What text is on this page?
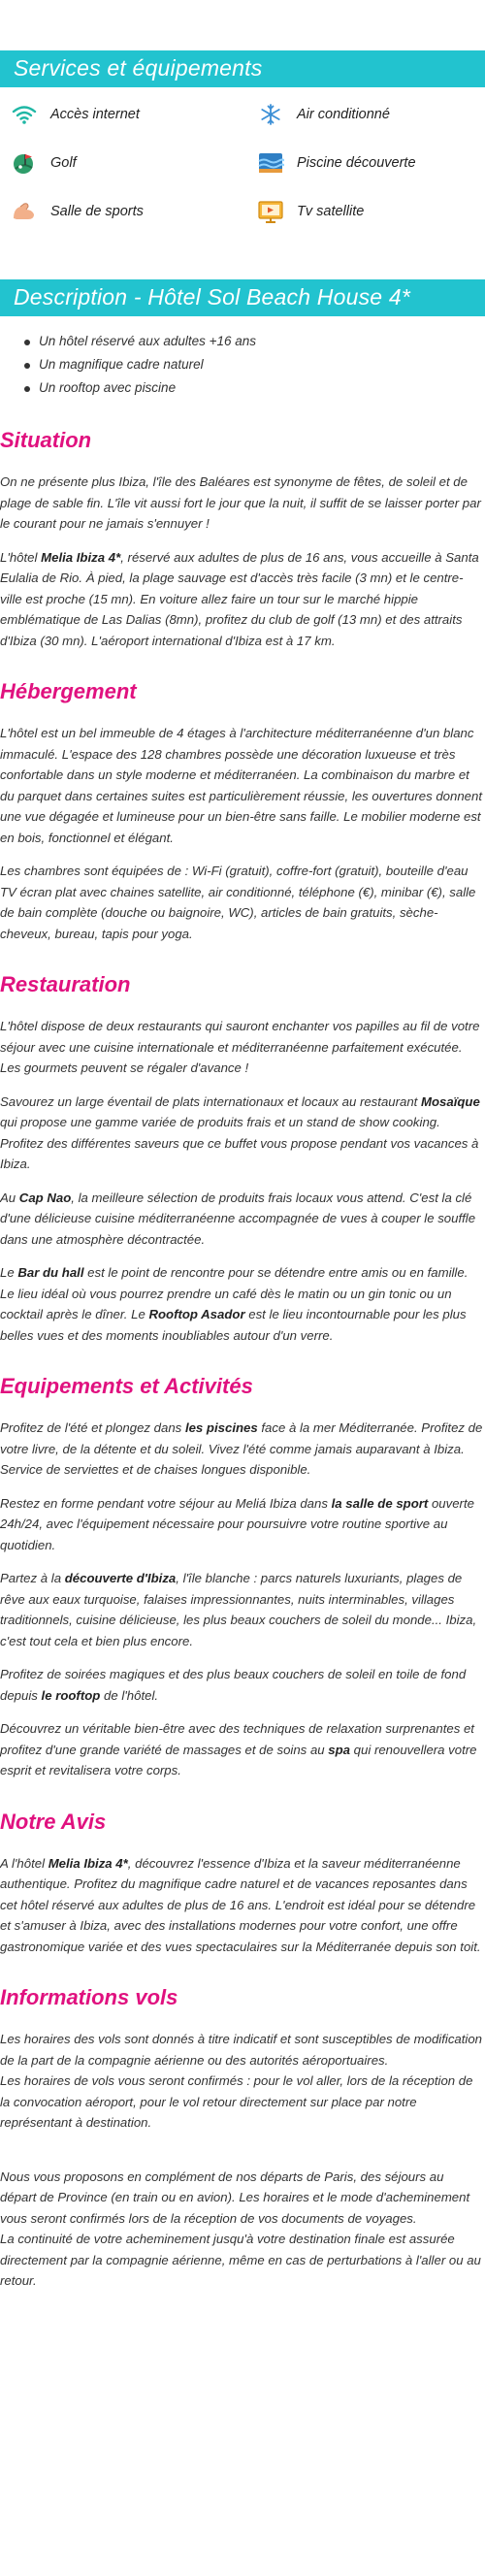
Services et équipements
Accès internet	Air conditionné
Golf	Piscine découverte
Salle de sports	Tv satellite
Description - Hôtel Sol Beach House 4*
Un hôtel réservé aux adultes +16 ans
Un magnifique cadre naturel
Un rooftop avec piscine
Situation

On ne présente plus Ibiza, l'île des Baléares est synonyme de fêtes, de soleil et de plage de sable fin. L'île vit aussi fort le jour que la nuit, il suffit de se laisser porter par le courant pour ne jamais s'ennuyer !

L'hôtel Melia Ibiza 4*, réservé aux adultes de plus de 16 ans, vous accueille à Santa Eulalia de Rio. À pied, la plage sauvage est d'accès très facile (3 mn) et le centre-ville est proche (15 mn). En voiture allez faire un tour sur le marché hippie emblématique de Las Dalias (8mn), profitez du club de golf (13 mn) et des attraits d'Ibiza (30 mn). L'aéroport international d'Ibiza est à 17 km.

Hébergement

L'hôtel est un bel immeuble de 4 étages à l'architecture méditerranéenne d'un blanc immaculé. L'espace des 128 chambres possède une décoration luxueuse et très confortable dans un style moderne et méditerranéen. La combinaison du marbre et du parquet dans certaines suites est particulièrement réussie, les ouvertures donnent une vue dégagée et lumineuse pour un bien-être sans faille. Le mobilier moderne est en bois, fonctionnel et élégant.

Les chambres sont équipées de : Wi-Fi (gratuit), coffre-fort (gratuit), bouteille d'eau TV écran plat avec chaines satellite, air conditionné, téléphone (€), minibar (€), salle de bain complète (douche ou baignoire, WC), articles de bain gratuits, sèche-cheveux, bureau, tapis pour yoga.

Restauration

L'hôtel dispose de deux restaurants qui sauront enchanter vos papilles au fil de votre séjour avec une cuisine internationale et méditerranéenne parfaitement exécutée. Les gourmets peuvent se régaler d'avance !

Savourez un large éventail de plats internationaux et locaux au restaurant Mosaïque qui propose une gamme variée de produits frais et un stand de show cooking. Profitez des différentes saveurs que ce buffet vous propose pendant vos vacances à Ibiza.

Au Cap Nao, la meilleure sélection de produits frais locaux vous attend. C'est la clé d'une délicieuse cuisine méditerranéenne accompagnée de vues à couper le souffle dans une atmosphère décontractée.

Le Bar du hall est le point de rencontre pour se détendre entre amis ou en famille. Le lieu idéal où vous pourrez prendre un café dès le matin ou un gin tonic ou un cocktail après le dîner. Le Rooftop Asador est le lieu incontournable pour les plus belles vues et des moments inoubliables autour d'un verre.

Equipements et Activités

Profitez de l'été et plongez dans les piscines face à la mer Méditerranée. Profitez de votre livre, de la détente et du soleil. Vivez l'été comme jamais auparavant à Ibiza. Service de serviettes et de chaises longues disponible.

Restez en forme pendant votre séjour au Meliá Ibiza dans la salle de sport ouverte 24h/24, avec l'équipement nécessaire pour poursuivre votre routine sportive au quotidien.

Partez à la découverte d'Ibiza, l'île blanche : parcs naturels luxuriants, plages de rêve aux eaux turquoise, falaises impressionnantes, nuits interminables, villages traditionnels, cuisine délicieuse, les plus beaux couchers de soleil du monde... Ibiza, c'est tout cela et bien plus encore.

Profitez de soirées magiques et des plus beaux couchers de soleil en toile de fond depuis le rooftop de l'hôtel.

Découvrez un véritable bien-être avec des techniques de relaxation surprenantes et profitez d'une grande variété de massages et de soins au spa qui renouvellera votre esprit et revitalisera votre corps.

Notre Avis

A l'hôtel Melia Ibiza 4*, découvrez l'essence d'Ibiza et la saveur méditerranéenne authentique. Profitez du magnifique cadre naturel et de vacances reposantes dans cet hôtel réservé aux adultes de plus de 16 ans. L'endroit est idéal pour se détendre et s'amuser à Ibiza, avec des installations modernes pour votre confort, une offre gastronomique variée et des vues spectaculaires sur la Méditerranée depuis son toit.

Informations vols

Les horaires des vols sont donnés à titre indicatif et sont susceptibles de modification de la part de la compagnie aérienne ou des autorités aéroportuaires.

Les horaires de vols vous seront confirmés : pour le vol aller, lors de la réception de la convocation aéroport, pour le vol retour directement sur place par notre représentant à destination.

Nous vous proposons en complément de nos départs de Paris, des séjours au départ de Province (en train ou en avion). Les horaires et le mode d'acheminement vous seront confirmés lors de la réception de vos documents de voyages.

La continuité de votre acheminement jusqu'à votre destination finale est assurée directement par la compagnie aérienne, même en cas de perturbations à l'aller ou au retour.
